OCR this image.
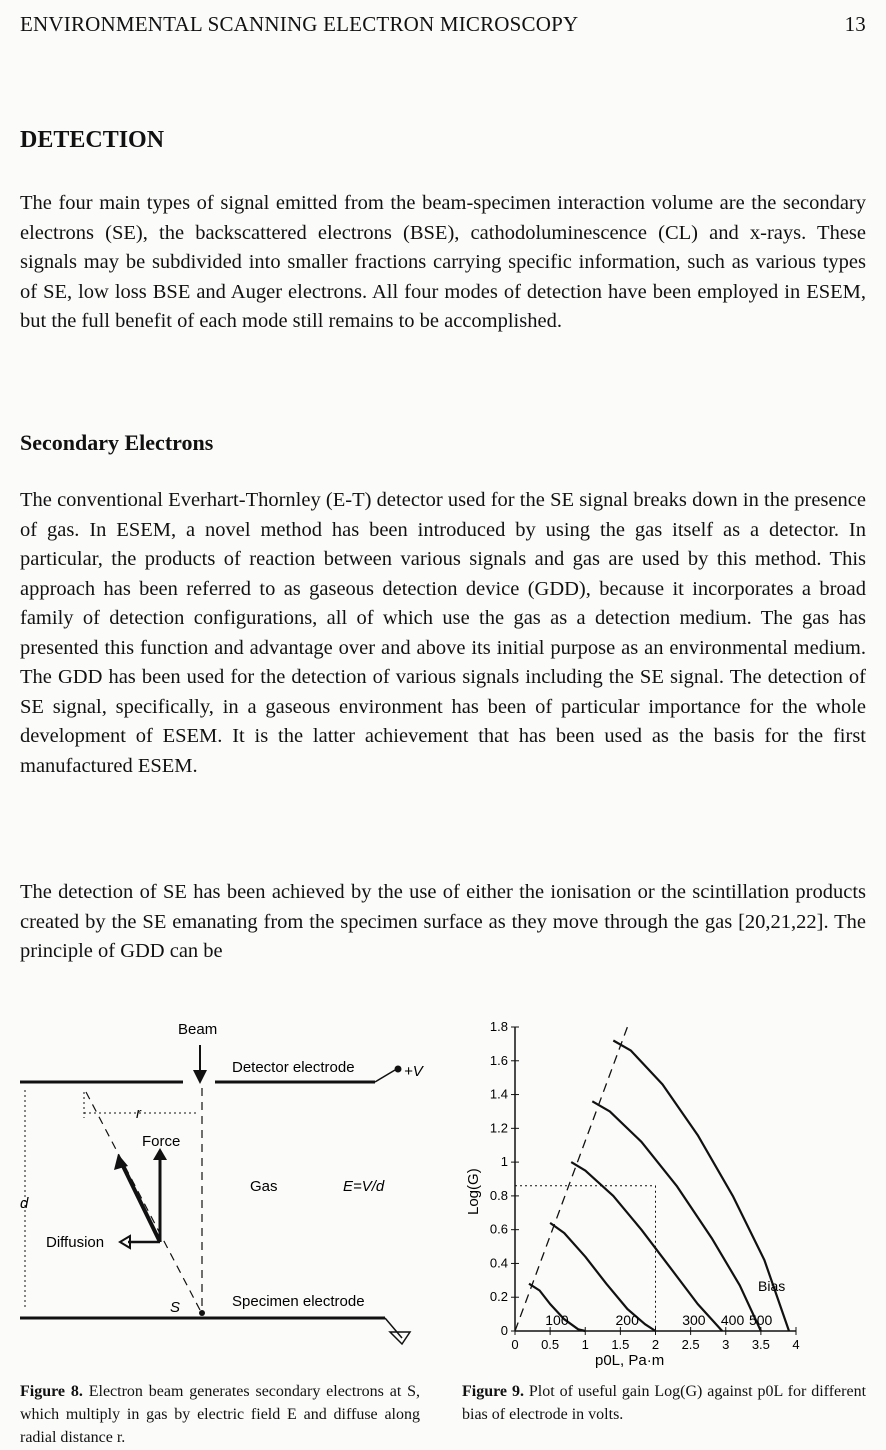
ENVIRONMENTAL SCANNING ELECTRON MICROSCOPY	13
DETECTION

The four main types of signal emitted from the beam-specimen interaction volume are the secondary electrons (SE), the backscattered electrons (BSE), cathodoluminescence (CL) and x-rays. These signals may be subdivided into smaller fractions carrying specific information, such as various types of SE, low loss BSE and Auger electrons. All four modes of detection have been employed in ESEM, but the full benefit of each mode still remains to be accomplished.

Secondary Electrons

The conventional Everhart-Thornley (E-T) detector used for the SE signal breaks down in the presence of gas. In ESEM, a novel method has been introduced by using the gas itself as a detector. In particular, the products of reaction between various signals and gas are used by this method. This approach has been referred to as gaseous detection device (GDD), because it incorporates a broad family of detection configurations, all of which use the gas as a detection medium. The gas has presented this function and advantage over and above its initial purpose as an environmental medium. The GDD has been used for the detection of various signals including the SE signal. The detection of SE signal, specifically, in a gaseous environment has been of particular importance for the whole development of ESEM. It is the latter achievement that has been used as the basis for the first manufactured ESEM.

The detection of SE has been achieved by the use of either the ionisation or the scintillation products created by the SE emanating from the specimen surface as they move through the gas [20,21,22]. The principle of GDD can be

Beam
Detector electrode	+V
r
Force
Gas	E=V/d
d
Diffusion
S	Specimen electrode
0
0.2
0.4
0.6
0.8
1
1.2
1.4
1.6
1.8
0 0.5 1 1.5 2 2.5 3 3.5 4
100	200	300 400 500
p0L, Pa·m
Log(G)
Bias
Figure 8. Electron beam generates secondary electrons at S, which multiply in gas by electric field E and diffuse along radial distance r.
Figure 9. Plot of useful gain Log(G) against p0L for different bias of electrode in volts.
